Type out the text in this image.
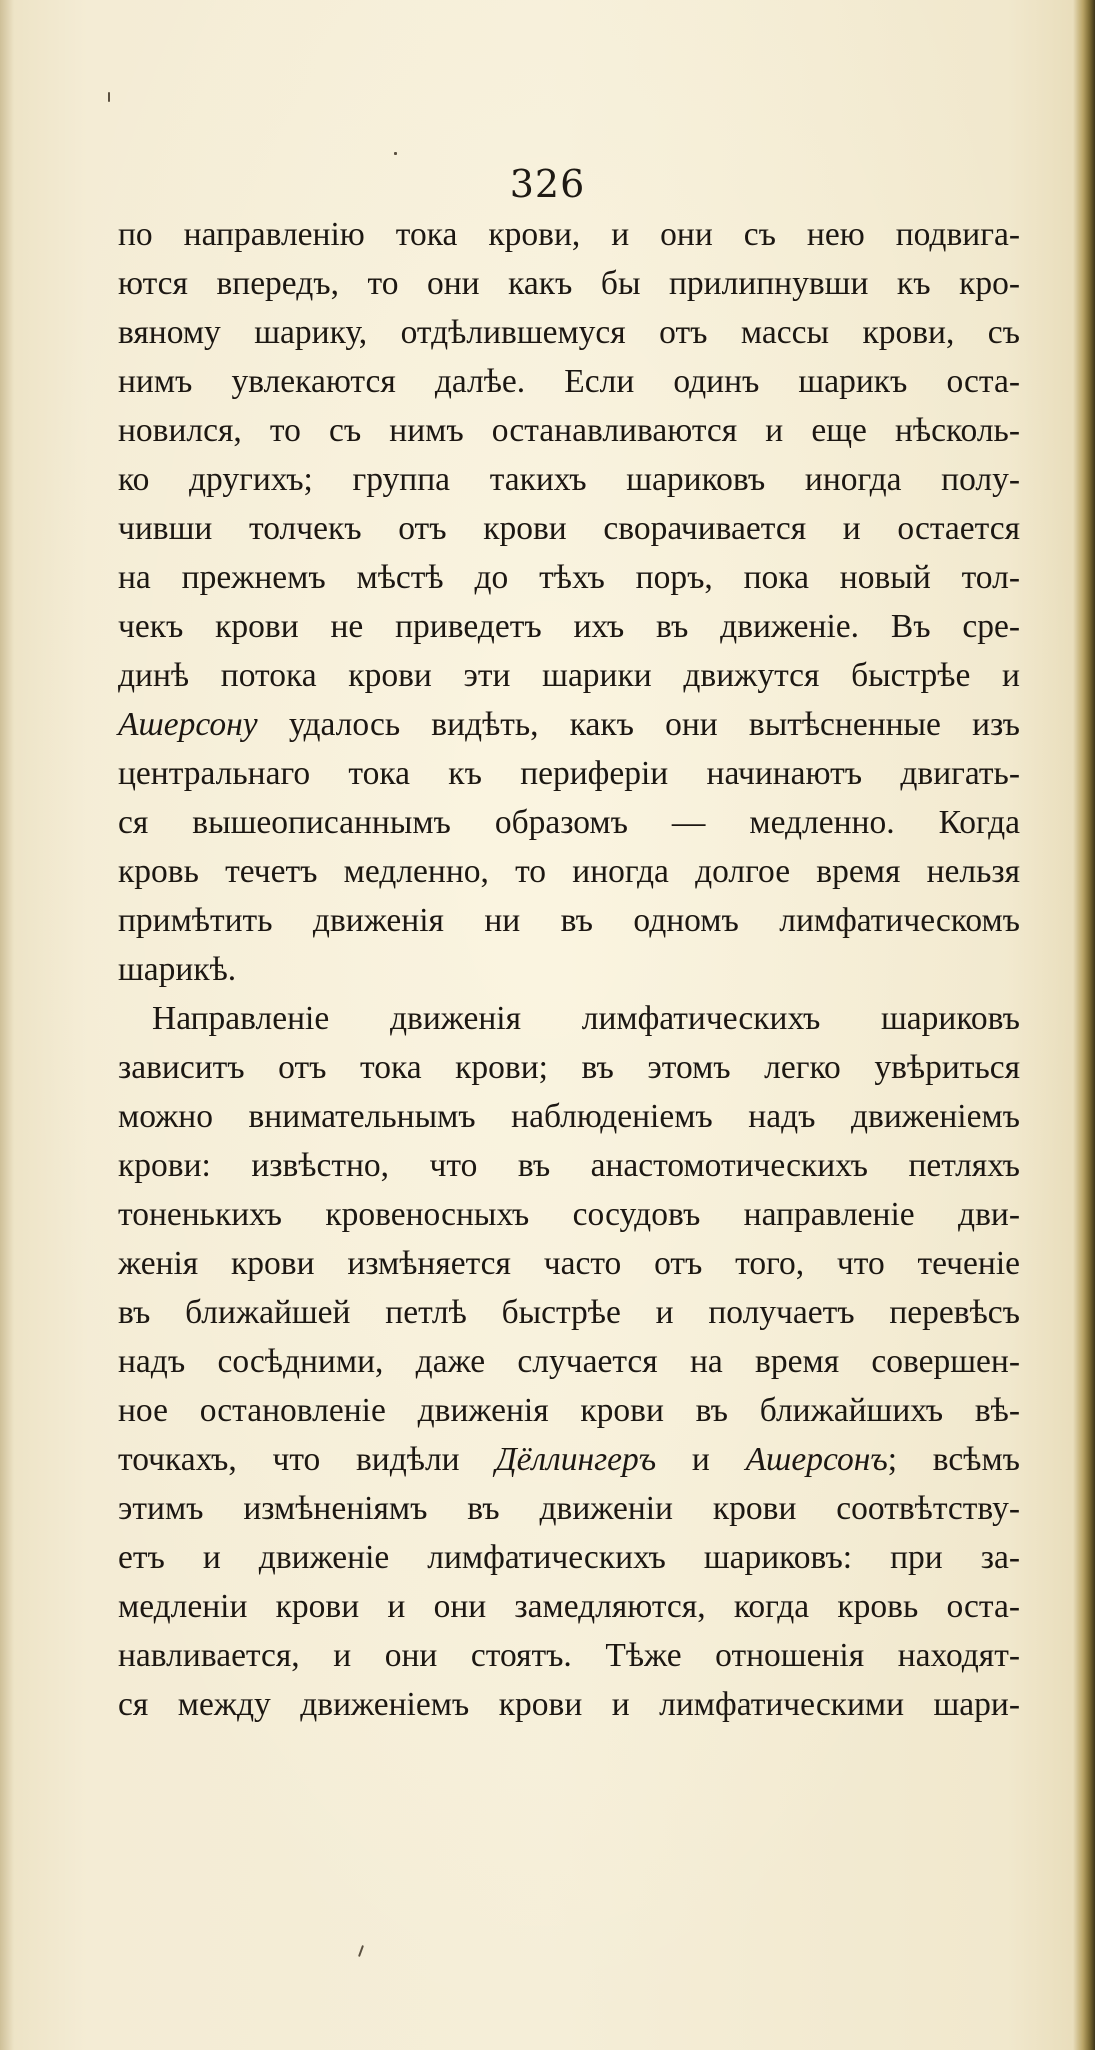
326
по направленію тока крови, и они съ нею подвига-
ются впередъ, то они какъ бы прилипнувши къ кро-
вяному шарику, отдѣлившемуся отъ массы крови, съ
нимъ увлекаются далѣе. Если одинъ шарикъ оста-
новился, то съ нимъ останавливаются и еще нѣсколь-
ко другихъ; группа такихъ шариковъ иногда полу-
чивши толчекъ отъ крови сворачивается и остается
на прежнемъ мѣстѣ до тѣхъ поръ, пока новый тол-
чекъ крови не приведетъ ихъ въ движеніе. Въ сре-
динѣ потока крови эти шарики движутся быстрѣе и
Ашерсону удалось видѣть, какъ они вытѣсненные изъ
центральнаго тока къ периферіи начинаютъ двигать-
ся вышеописаннымъ образомъ — медленно. Когда
кровь течетъ медленно, то иногда долгое время нельзя
примѣтить движенія ни въ одномъ лимфатическомъ
шарикѣ.
Направленіе движенія лимфатическихъ шариковъ
зависитъ отъ тока крови; въ этомъ легко увѣриться
можно внимательнымъ наблюденіемъ надъ движеніемъ
крови: извѣстно, что въ анастомотическихъ петляхъ
тоненькихъ кровеносныхъ сосудовъ направленіе дви-
женія крови измѣняется часто отъ того, что теченіе
въ ближайшей петлѣ быстрѣе и получаетъ перевѣсъ
надъ сосѣдними, даже случается на время совершен-
ное остановленіе движенія крови въ ближайшихъ вѣ-
точкахъ, что видѣли Дёллингеръ и Ашерсонъ; всѣмъ
этимъ измѣненіямъ въ движеніи крови соотвѣтству-
етъ и движеніе лимфатическихъ шариковъ: при за-
медленіи крови и они замедляются, когда кровь оста-
навливается, и они стоятъ. Тѣже отношенія находят-
ся между движеніемъ крови и лимфатическими шари-
